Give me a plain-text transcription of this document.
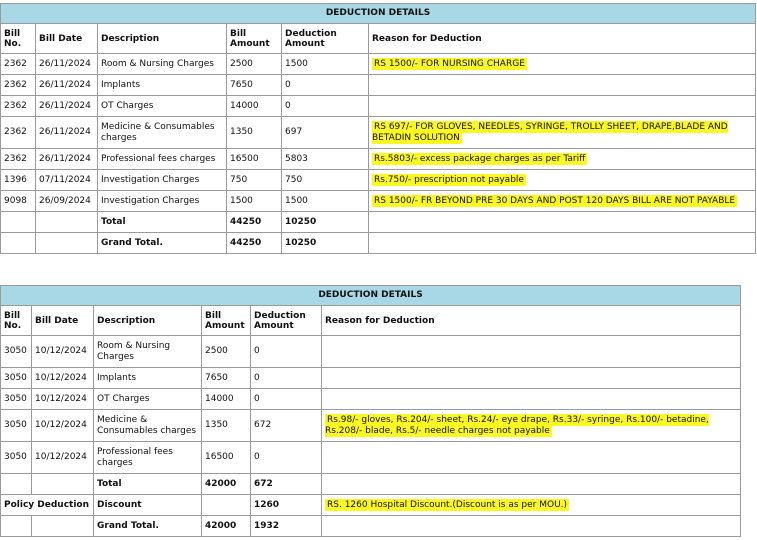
DEDUCTION DETAILS					
Bill No.	Bill Date	Description	Bill Amount	Deduction Amount	Reason for Deduction
2362	26/11/2024	Room & Nursing Charges	2500	1500	RS 1500/- FOR NURSING CHARGE
2362	26/11/2024	Implants	7650	0	
2362	26/11/2024	OT Charges	14000	0	
2362	26/11/2024	Medicine & Consumables charges	1350	697	RS 697/- FOR GLOVES, NEEDLES, SYRINGE, TROLLY SHEET, DRAPE,BLADE AND BETADIN SOLUTION
2362	26/11/2024	Professional fees charges	16500	5803	Rs.5803/- excess package charges as per Tariff
1396	07/11/2024	Investigation Charges	750	750	Rs.750/- prescription not payable
9098	26/09/2024	Investigation Charges	1500	1500	RS 1500/- FR BEYOND PRE 30 DAYS AND POST 120 DAYS BILL ARE NOT PAYABLE
		Total	44250	10250	
		Grand Total.	44250	10250	
DEDUCTION DETAILS					
Bill No.	Bill Date	Description	Bill Amount	Deduction Amount	Reason for Deduction
3050	10/12/2024	Room & Nursing Charges	2500	0	
3050	10/12/2024	Implants	7650	0	
3050	10/12/2024	OT Charges	14000	0	
3050	10/12/2024	Medicine & Consumables charges	1350	672	Rs.98/- gloves, Rs.204/- sheet, Rs.24/- eye drape, Rs.33/- syringe, Rs.100/- betadine, Rs.208/- blade, Rs.5/- needle charges not payable
3050	10/12/2024	Professional fees charges	16500	0	
		Total	42000	672	
Policy Deduction		Discount		1260	RS. 1260 Hospital Discount.(Discount is as per MOU.)
		Grand Total.	42000	1932	
